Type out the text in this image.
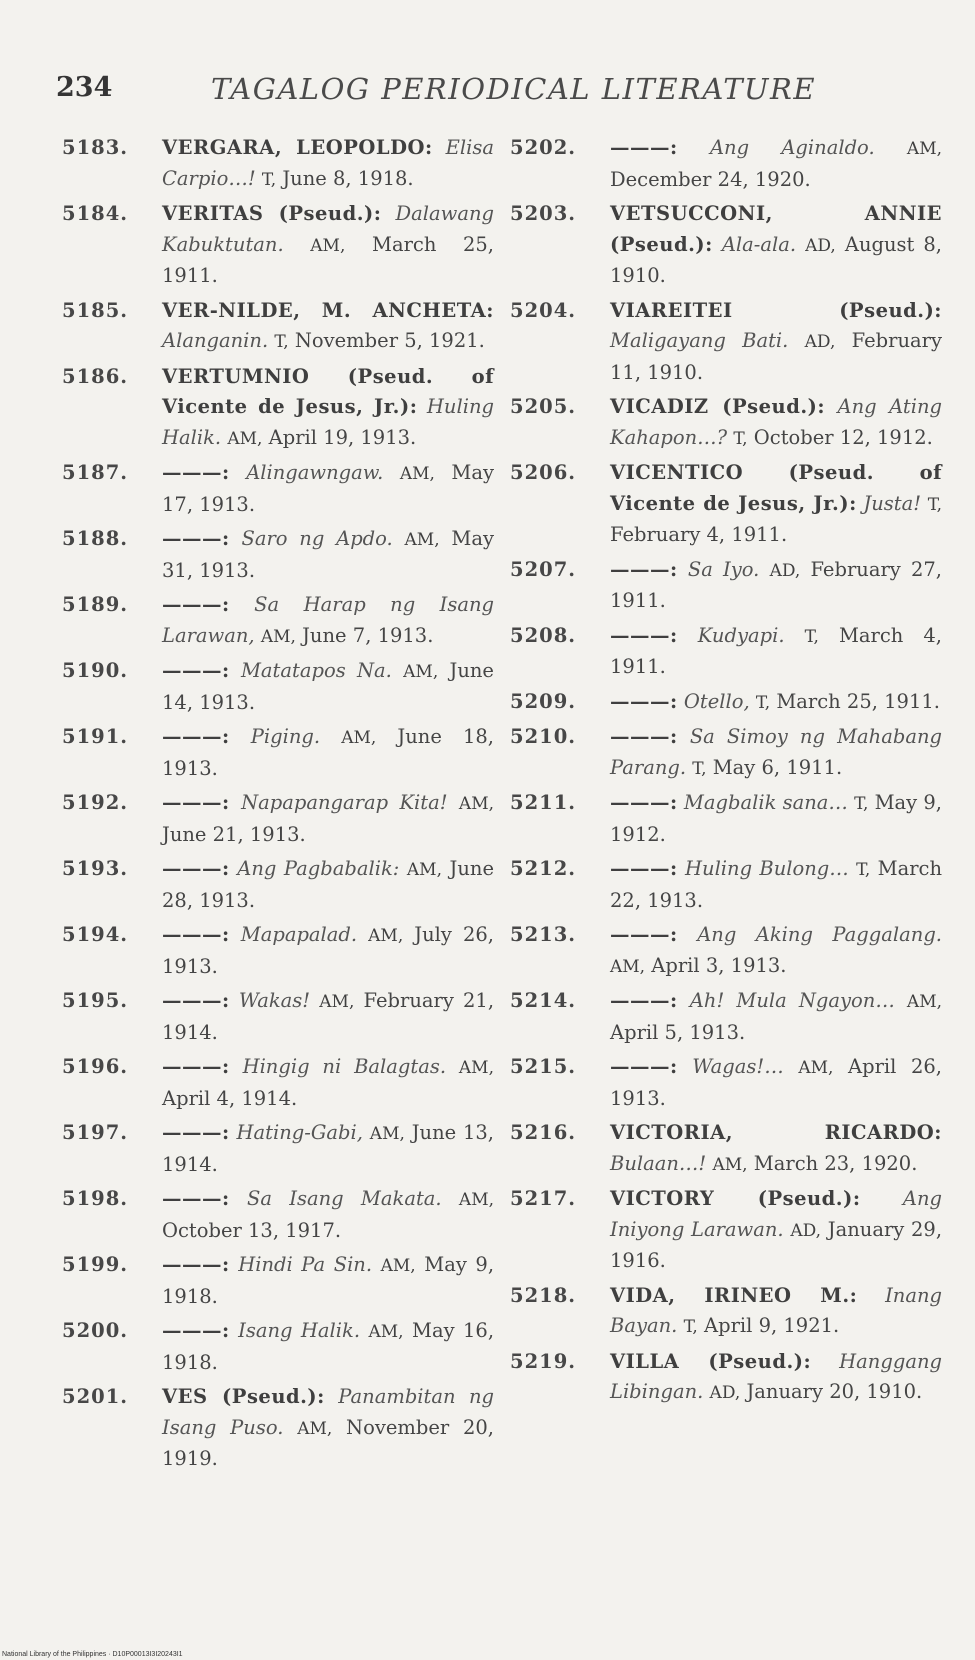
234	TAGALOG PERIODICAL LITERATURE
5183. VERGARA, LEOPOLDO: Elisa Carpio…! T, June 8, 1918.
5184. VERITAS (Pseud.): Dalawang Kabuktutan. AM, March 25, 1911.
5185. VER-NILDE, M. ANCHETA: Alanganin. T, November 5, 1921.
5186. VERTUMNIO (Pseud. of Vicente de Jesus, Jr.): Huling Halik. AM, April 19, 1913.
5187. ———: Alingawngaw. AM, May 17, 1913.
5188. ———: Saro ng Apdo. AM, May 31, 1913.
5189. ———: Sa Harap ng Isang Larawan, AM, June 7, 1913.
5190. ———: Matatapos Na. AM, June 14, 1913.
5191. ———: Piging. AM, June 18, 1913.
5192. ———: Napapangarap Kita! AM, June 21, 1913.
5193. ———: Ang Pagbabalik: AM, June 28, 1913.
5194. ———: Mapapalad. AM, July 26, 1913.
5195. ———: Wakas! AM, February 21, 1914.
5196. ———: Hingig ni Balagtas. AM, April 4, 1914.
5197. ———: Hating-Gabi, AM, June 13, 1914.
5198. ———: Sa Isang Makata. AM, October 13, 1917.
5199. ———: Hindi Pa Sin. AM, May 9, 1918.
5200. ———: Isang Halik. AM, May 16, 1918.
5201. VES (Pseud.): Panambitan ng Isang Puso. AM, November 20, 1919.
5202. ———: Ang Aginaldo. AM, December 24, 1920.
5203. VETSUCCONI, ANNIE (Pseud.): Ala-ala. AD, August 8, 1910.
5204. VIAREITEI (Pseud.): Maligayang Bati. AD, February 11, 1910.
5205. VICADIZ (Pseud.): Ang Ating Kahapon…? T, October 12, 1912.
5206. VICENTICO (Pseud. of Vicente de Jesus, Jr.): Justa! T, February 4, 1911.
5207. ———: Sa Iyo. AD, February 27, 1911.
5208. ———: Kudyapi. T, March 4, 1911.
5209. ———: Otello, T, March 25, 1911.
5210. ———: Sa Simoy ng Mahabang Parang. T, May 6, 1911.
5211. ———: Magbalik sana… T, May 9, 1912.
5212. ———: Huling Bulong… T, March 22, 1913.
5213. ———: Ang Aking Paggalang. AM, April 3, 1913.
5214. ———: Ah! Mula Ngayon… AM, April 5, 1913.
5215. ———: Wagas!… AM, April 26, 1913.
5216. VICTORIA, RICARDO: Bulaan…! AM, March 23, 1920.
5217. VICTORY (Pseud.): Ang Iniyong Larawan. AD, January 29, 1916.
5218. VIDA, IRINEO M.: Inang Bayan. T, April 9, 1921.
5219. VILLA (Pseud.): Hanggang Libingan. AD, January 20, 1910.
National Library of the Philippines · D10P00013I3I20243I1
